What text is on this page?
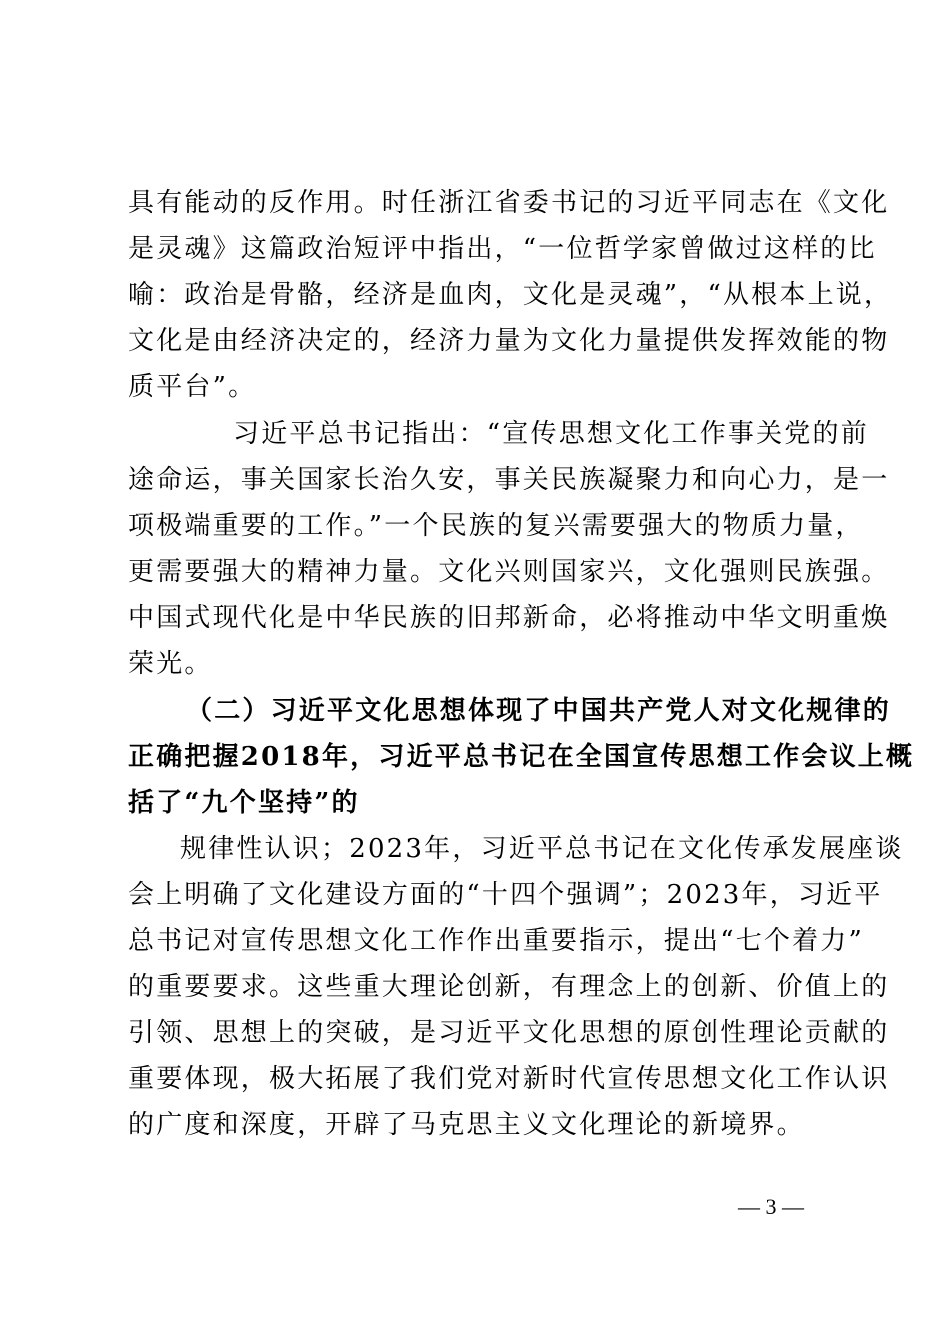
具有能动的反作用。时任浙江省委书记的习近平同志在《文化
是灵魂》这篇政治短评中指出，“一位哲学家曾做过这样的比
喻：政治是骨骼，经济是血肉，文化是灵魂”，“从根本上说，
文化是由经济决定的，经济力量为文化力量提供发挥效能的物
质平台”。
习近平总书记指出：“宣传思想文化工作事关党的前
途命运，事关国家长治久安，事关民族凝聚力和向心力，是一
项极端重要的工作。”一个民族的复兴需要强大的物质力量，
更需要强大的精神力量。文化兴则国家兴，文化强则民族强。
中国式现代化是中华民族的旧邦新命，必将推动中华文明重焕
荣光。
（二）习近平文化思想体现了中国共产党人对文化规律的
正确把握2018年，习近平总书记在全国宣传思想工作会议上概
括了“九个坚持”的
规律性认识；2023年，习近平总书记在文化传承发展座谈
会上明确了文化建设方面的“十四个强调”；2023年，习近平
总书记对宣传思想文化工作作出重要指示，提出“七个着力”
的重要要求。这些重大理论创新，有理念上的创新、价值上的
引领、思想上的突破，是习近平文化思想的原创性理论贡献的
重要体现，极大拓展了我们党对新时代宣传思想文化工作认识
的广度和深度，开辟了马克思主义文化理论的新境界。
— 3 —
